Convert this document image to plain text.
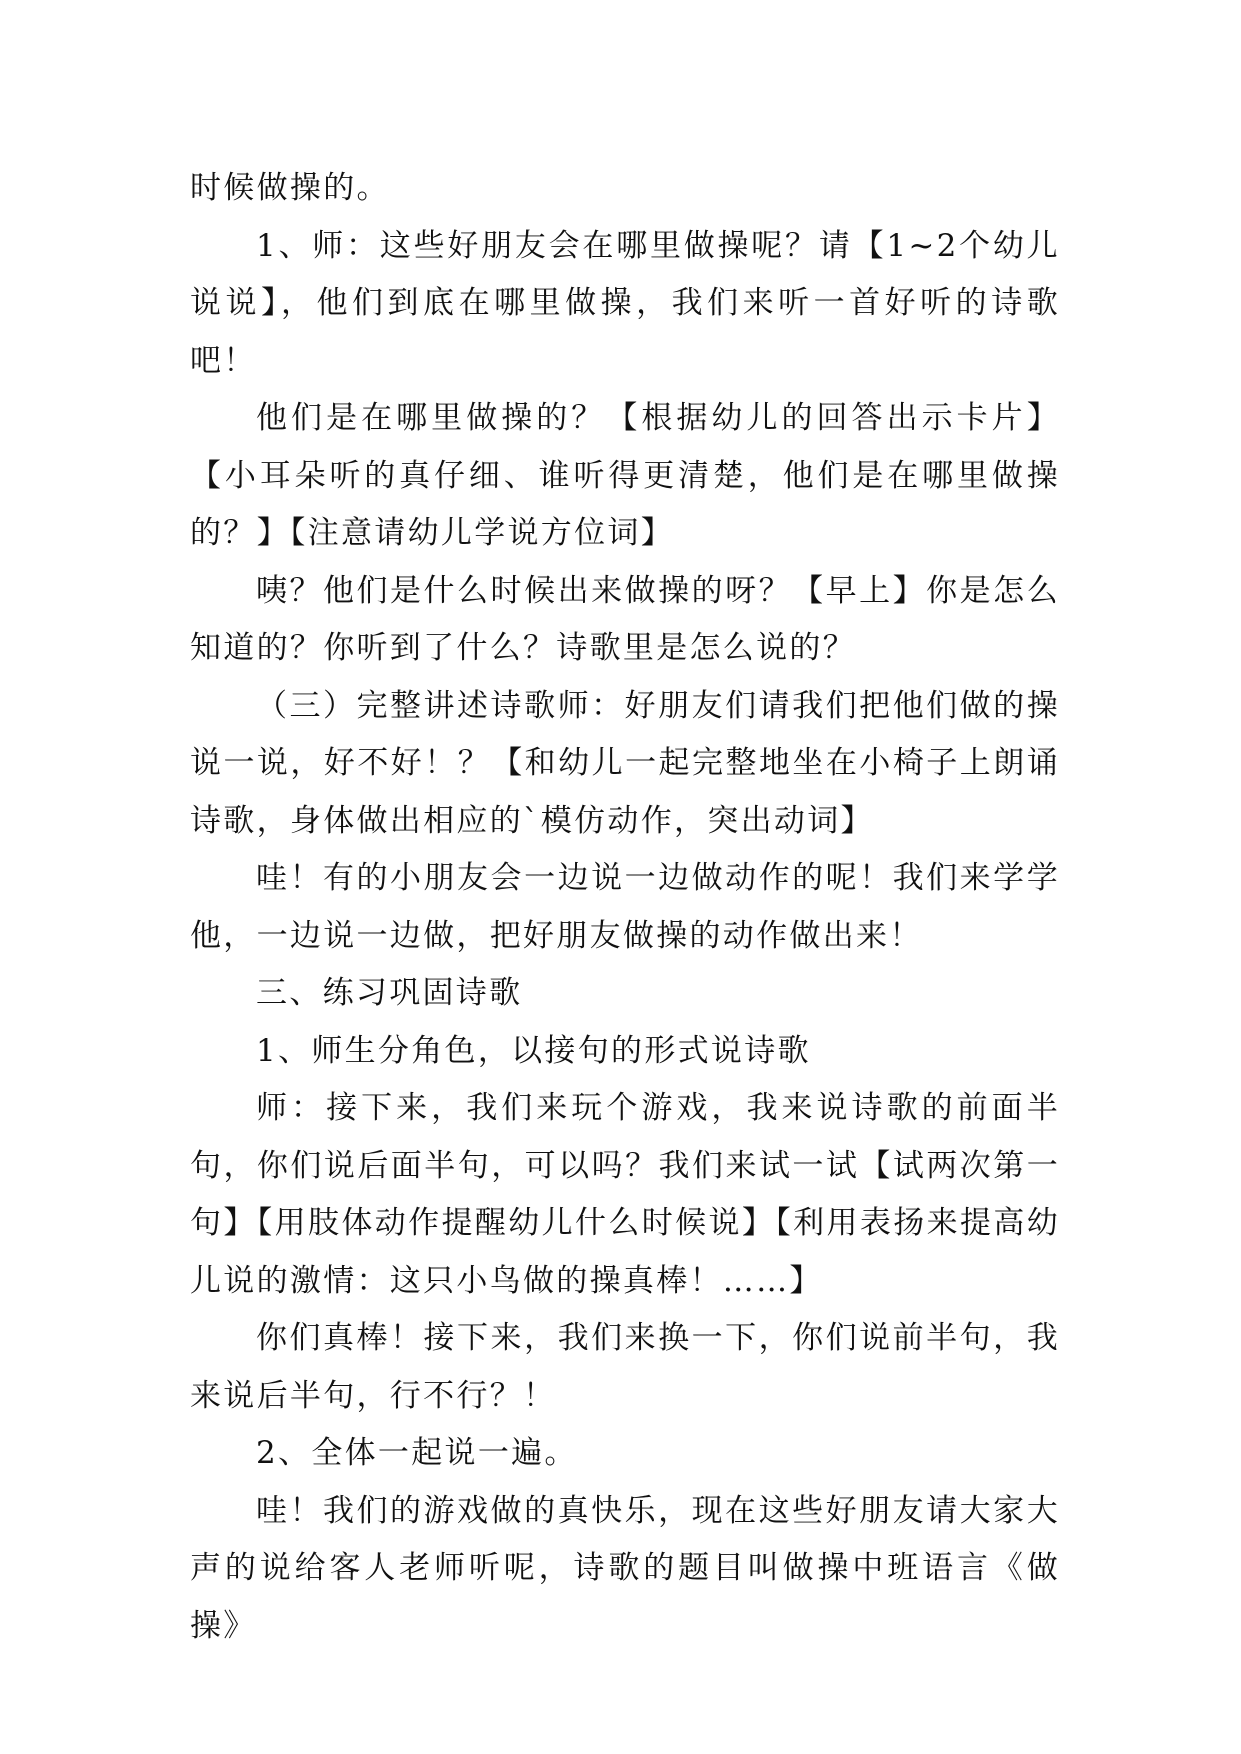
时候做操的。

1、师：这些好朋友会在哪里做操呢？请【1~2个幼儿说说】，他们到底在哪里做操，我们来听一首好听的诗歌吧！

他们是在哪里做操的？【根据幼儿的回答出示卡片】【小耳朵听的真仔细、谁听得更清楚，他们是在哪里做操的？】【注意请幼儿学说方位词】

咦？他们是什么时候出来做操的呀？【早上】你是怎么知道的？你听到了什么？诗歌里是怎么说的？

（三）完整讲述诗歌师：好朋友们请我们把他们做的操说一说，好不好！？【和幼儿一起完整地坐在小椅子上朗诵诗歌，身体做出相应的`模仿动作，突出动词】

哇！有的小朋友会一边说一边做动作的呢！我们来学学他，一边说一边做，把好朋友做操的动作做出来！

三、练习巩固诗歌

1、师生分角色，以接句的形式说诗歌

师：接下来，我们来玩个游戏，我来说诗歌的前面半句，你们说后面半句，可以吗？我们来试一试【试两次第一句】【用肢体动作提醒幼儿什么时候说】【利用表扬来提高幼儿说的激情：这只小鸟做的操真棒！……】

你们真棒！接下来，我们来换一下，你们说前半句，我来说后半句，行不行？！

2、全体一起说一遍。

哇！我们的游戏做的真快乐，现在这些好朋友请大家大声的说给客人老师听呢，诗歌的题目叫做操中班语言《做操》
